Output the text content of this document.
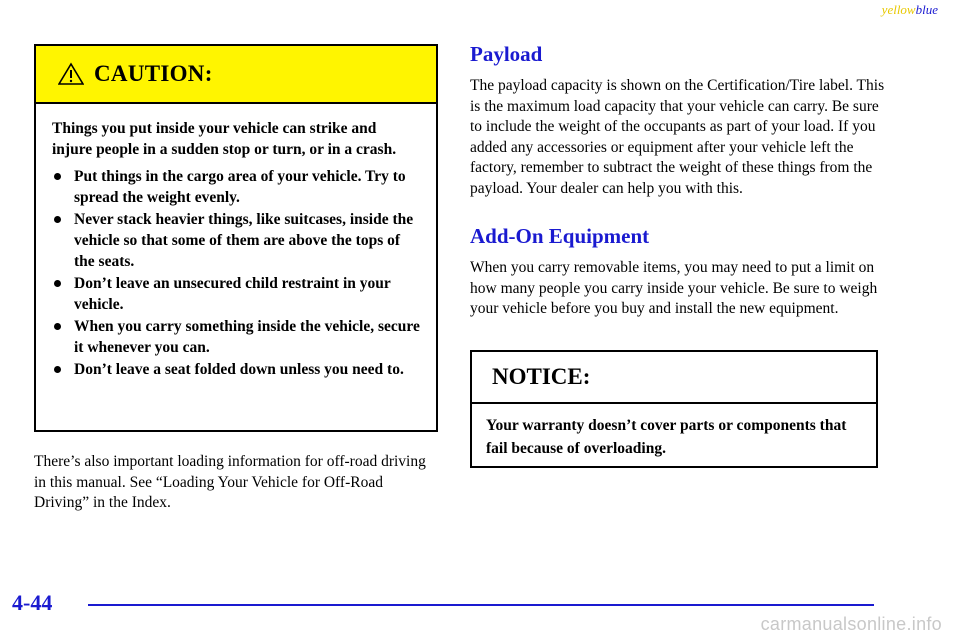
yellowblue
CAUTION:

Things you put inside your vehicle can strike and injure people in a sudden stop or turn, or in a crash.

Put things in the cargo area of your vehicle. Try to spread the weight evenly.
Never stack heavier things, like suitcases, inside the vehicle so that some of them are above the tops of the seats.
Don’t leave an unsecured child restraint in your vehicle.
When you carry something inside the vehicle, secure it whenever you can.
Don’t leave a seat folded down unless you need to.

There’s also important loading information for off-road driving in this manual. See “Loading Your Vehicle for Off-Road Driving” in the Index.

Payload

The payload capacity is shown on the Certification/Tire label. This is the maximum load capacity that your vehicle can carry. Be sure to include the weight of the occupants as part of your load. If you added any accessories or equipment after your vehicle left the factory, remember to subtract the weight of these things from the payload. Your dealer can help you with this.

Add-On Equipment

When you carry removable items, you may need to put a limit on how many people you carry inside your vehicle. Be sure to weigh your vehicle before you buy and install the new equipment.

NOTICE:
Your warranty doesn’t cover parts or components that fail because of overloading.
4-44
carmanualsonline.info
